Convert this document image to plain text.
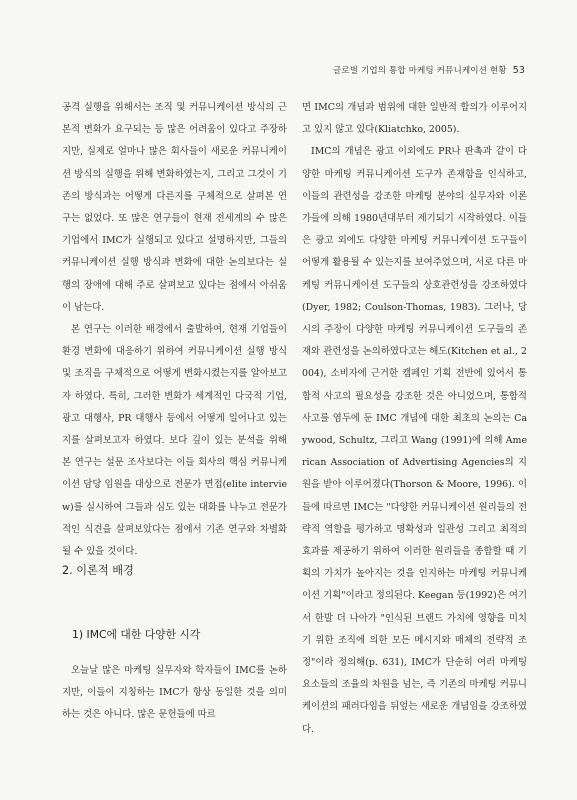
글로벌 기업의 통합 마케팅 커뮤니케이션 현황 53

공격 실행을 위해서는 조직 및 커뮤니케이션 방식의 근본적 변화가 요구되는 등 많은 어려움이 있다고 주장하지만, 실제로 얼마나 많은 회사들이 새로운 커뮤니케이션 방식의 실행을 위해 변화하였는지, 그리고 그것이 기존의 방식과는 어떻게 다른지를 구체적으로 살펴본 연구는 없었다. 또 많은 연구들이 현재 전세계의 수 많은 기업에서 IMC가 실행되고 있다고 설명하지만, 그들의 커뮤니케이션 실행 방식과 변화에 대한 논의보다는 실행의 장애에 대해 주로 살펴보고 있다는 점에서 아쉬움이 남는다.

본 연구는 이러한 배경에서 출발하여, 현재 기업들이 환경 변화에 대응하기 위하여 커뮤니케이션 실행 방식 및 조직을 구체적으로 어떻게 변화시켰는지를 알아보고자 하였다. 특히, 그러한 변화가 세계적인 다국적 기업, 광고 대행사, PR 대행사 등에서 어떻게 일어나고 있는지를 살펴보고자 하였다. 보다 깊이 있는 분석을 위해 본 연구는 설문 조사보다는 이들 회사의 핵심 커뮤니케이션 담당 임원을 대상으로 전문가 면접(elite interview)를 실시하여 그들과 심도 있는 대화를 나누고 전문가적인 식견을 살펴보았다는 점에서 기존 연구와 차별화 될 수 있을 것이다.

2. 이론적 배경
1) IMC에 대한 다양한 시각

오늘날 많은 마케팅 실무자와 학자들이 IMC를 논하지만, 이들이 지칭하는 IMC가 항상 동일한 것을 의미하는 것은 아니다. 많은 문헌들에 따르

면 IMC의 개념과 범위에 대한 일반적 합의가 이루어지고 있지 않고 있다(Kliatchko, 2005).

IMC의 개념은 광고 이외에도 PR나 판촉과 같이 다양한 마케팅 커뮤니케이션 도구가 존재함을 인식하고, 이들의 관련성을 강조한 마케팅 분야의 실무자와 이론가들에 의해 1980년대부터 제기되기 시작하였다. 이들은 광고 외에도 다양한 마케팅 커뮤니케이션 도구들이 어떻게 활용될 수 있는지를 보여주었으며, 서로 다른 마케팅 커뮤니케이션 도구들의 상호관련성을 강조하였다(Dyer, 1982; Coulson-Thomas, 1983). 그러나, 당시의 주장이 다양한 마케팅 커뮤니케이션 도구들의 존재와 관련성을 논의하였다고는 해도(Kitchen et al., 2004), 소비자에 근거한 캠페인 기획 전반에 있어서 통합적 사고의 필요성을 강조한 것은 아니었으며, 통합적 사고를 염두에 둔 IMC 개념에 대한 최초의 논의는 Caywood, Schultz, 그리고 Wang (1991)에 의해 American Association of Advertising Agencies의 지원을 받아 이루어졌다(Thorson & Moore, 1996). 이들에 따르면 IMC는 "다양한 커뮤니케이션 원리들의 전략적 역할을 평가하고 명확성과 일관성 그리고 최적의 효과를 제공하기 위하여 이러한 원리들을 종합할 때 기획의 가치가 높아지는 것을 인지하는 마케팅 커뮤니케이션 기획"이라고 정의된다. Keegan 등(1992)은 여기서 한발 더 나아가 "인식된 브랜드 가치에 영향을 미치기 위한 조직에 의한 모든 메시지와 매체의 전략적 조정"이라 정의해(p. 631), IMC가 단순히 여러 마케팅 요소들의 조율의 차원을 넘는, 즉 기존의 마케팅 커뮤니케이션의 패러다임을 뒤엎는 새로운 개념임을 강조하였다.
